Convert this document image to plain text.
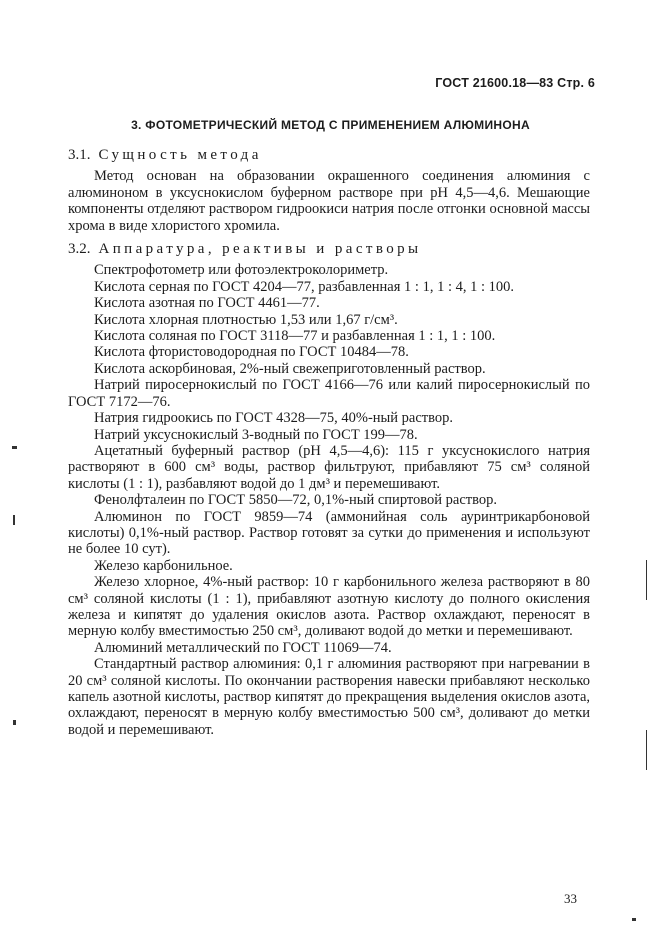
ГОСТ 21600.18—83 Стр. 6
3. ФОТОМЕТРИЧЕСКИЙ МЕТОД С ПРИМЕНЕНИЕМ АЛЮМИНОНА
3.1. Сущность метода

Метод основан на образовании окрашенного соединения алюминия с алюминоном в уксуснокислом буферном растворе при pH 4,5—4,6. Мешающие компоненты отделяют раствором гидроокиси натрия после отгонки основной массы хрома в виде хлористого хромила.

3.2. Аппаратура, реактивы и растворы

Спектрофотометр или фотоэлектроколориметр.

Кислота серная по ГОСТ 4204—77, разбавленная 1 : 1, 1 : 4, 1 : 100.

Кислота азотная по ГОСТ 4461—77.

Кислота хлорная плотностью 1,53 или 1,67 г/см³.

Кислота соляная по ГОСТ 3118—77 и разбавленная 1 : 1, 1 : 100.

Кислота фтористоводородная по ГОСТ 10484—78.

Кислота аскорбиновая, 2%-ный свежеприготовленный раствор.

Натрий пиросернокислый по ГОСТ 4166—76 или калий пиросернокислый по ГОСТ 7172—76.

Натрия гидроокись по ГОСТ 4328—75, 40%-ный раствор.

Натрий уксуснокислый 3-водный по ГОСТ 199—78.

Ацетатный буферный раствор (pH 4,5—4,6): 115 г уксуснокислого натрия растворяют в 600 см³ воды, раствор фильтруют, прибавляют 75 см³ соляной кислоты (1 : 1), разбавляют водой до 1 дм³ и перемешивают.

Фенолфталеин по ГОСТ 5850—72, 0,1%-ный спиртовой раствор.

Алюминон по ГОСТ 9859—74 (аммонийная соль ауринтрикарбоновой кислоты) 0,1%-ный раствор. Раствор готовят за сутки до применения и используют не более 10 сут).

Железо карбонильное.

Железо хлорное, 4%-ный раствор: 10 г карбонильного железа растворяют в 80 см³ соляной кислоты (1 : 1), прибавляют азотную кислоту до полного окисления железа и кипятят до удаления окислов азота. Раствор охлаждают, переносят в мерную колбу вместимостью 250 см³, доливают водой до метки и перемешивают.

Алюминий металлический по ГОСТ 11069—74.

Стандартный раствор алюминия: 0,1 г алюминия растворяют при нагревании в 20 см³ соляной кислоты. По окончании растворения навески прибавляют несколько капель азотной кислоты, раствор кипятят до прекращения выделения окислов азота, охлаждают, переносят в мерную колбу вместимостью 500 см³, доливают до метки водой и перемешивают.

33
